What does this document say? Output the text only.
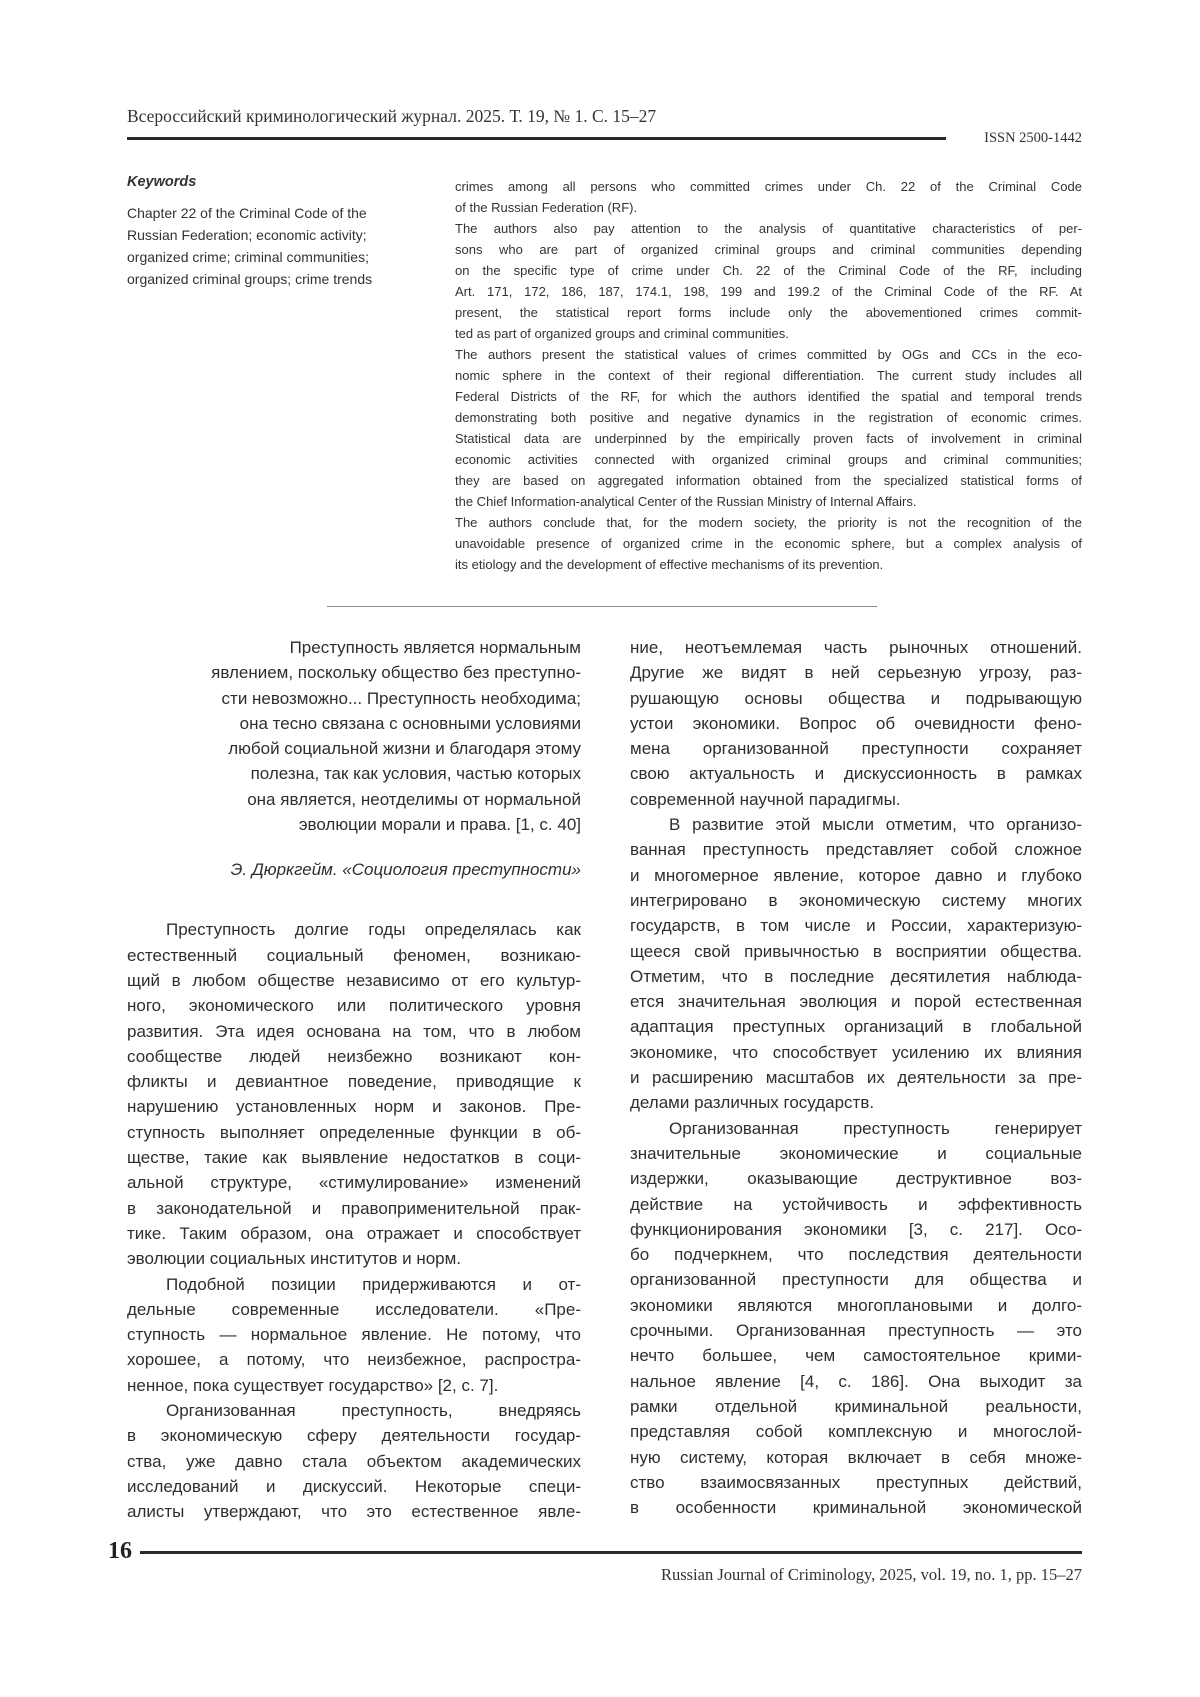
Всероссийский криминологический журнал. 2025. Т. 19, № 1. С. 15–27
ISSN 2500-1442
Keywords
Chapter 22 of the Criminal Code of the
Russian Federation; economic activity;
organized crime; criminal communities;
organized criminal groups; crime trends
crimes among all persons who committed crimes under Ch. 22 of the Criminal Code
of the Russian Federation (RF).
The authors also pay attention to the analysis of quantitative characteristics of per-
sons who are part of organized criminal groups and criminal communities depending
on the specific type of crime under Ch. 22 of the Criminal Code of the RF, including
Art. 171, 172, 186, 187, 174.1, 198, 199 and 199.2 of the Criminal Code of the RF. At
present, the statistical report forms include only the abovementioned crimes commit-
ted as part of organized groups and criminal communities.
The authors present the statistical values of crimes committed by OGs and CCs in the eco-
nomic sphere in the context of their regional differentiation. The current study includes all
Federal Districts of the RF, for which the authors identified the spatial and temporal trends
demonstrating both positive and negative dynamics in the registration of economic crimes.
Statistical data are underpinned by the empirically proven facts of involvement in criminal
economic activities connected with organized criminal groups and criminal communities;
they are based on aggregated information obtained from the specialized statistical forms of
the Chief Information-analytical Center of the Russian Ministry of Internal Affairs.
The authors conclude that, for the modern society, the priority is not the recognition of the
unavoidable presence of organized crime in the economic sphere, but a complex analysis of
its etiology and the development of effective mechanisms of its prevention.
Преступность является нормальным
явлением, поскольку общество без преступно-
сти невозможно... Преступность необходима;
она тесно связана с основными условиями
любой социальной жизни и благодаря этому
полезна, так как условия, частью которых
она является, неотделимы от нормальной
эволюции морали и права. [1, с. 40]
Э. Дюркгейм. «Социология преступности»
Преступность долгие годы определялась как
естественный социальный феномен, возникаю-
щий в любом обществе независимо от его культур-
ного, экономического или политического уровня
развития. Эта идея основана на том, что в любом
сообществе людей неизбежно возникают кон-
фликты и девиантное поведение, приводящие к
нарушению установленных норм и законов. Пре-
ступность выполняет определенные функции в об-
ществе, такие как выявление недостатков в соци-
альной структуре, «стимулирование» изменений
в законодательной и правоприменительной прак-
тике. Таким образом, она отражает и способствует
эволюции социальных институтов и норм.
Подобной позиции придерживаются и от-
дельные современные исследователи. «Пре-
ступность — нормальное явление. Не потому, что
хорошее, а потому, что неизбежное, распростра-
ненное, пока существует государство» [2, с. 7].
Организованная преступность, внедряясь
в экономическую сферу деятельности государ-
ства, уже давно стала объектом академических
исследований и дискуссий. Некоторые специ-
алисты утверждают, что это естественное явле-
ние, неотъемлемая часть рыночных отношений.
Другие же видят в ней серьезную угрозу, раз-
рушающую основы общества и подрывающую
устои экономики. Вопрос об очевидности фено-
мена организованной преступности сохраняет
свою актуальность и дискуссионность в рамках
современной научной парадигмы.
В развитие этой мысли отметим, что организо-
ванная преступность представляет собой сложное
и многомерное явление, которое давно и глубоко
интегрировано в экономическую систему многих
государств, в том числе и России, характеризую-
щееся свой привычностью в восприятии общества.
Отметим, что в последние десятилетия наблюда-
ется значительная эволюция и порой естественная
адаптация преступных организаций в глобальной
экономике, что способствует усилению их влияния
и расширению масштабов их деятельности за пре-
делами различных государств.
Организованная преступность генерирует
значительные экономические и социальные
издержки, оказывающие деструктивное воз-
действие на устойчивость и эффективность
функционирования экономики [3, с. 217]. Осо-
бо подчеркнем, что последствия деятельности
организованной преступности для общества и
экономики являются многоплановыми и долго-
срочными. Организованная преступность — это
нечто большее, чем самостоятельное крими-
нальное явление [4, с. 186]. Она выходит за
рамки отдельной криминальной реальности,
представляя собой комплексную и многослой-
ную систему, которая включает в себя множе-
ство взаимосвязанных преступных действий,
в особенности криминальной экономической
16
Russian Journal of Criminology, 2025, vol. 19, no. 1, pp. 15–27
